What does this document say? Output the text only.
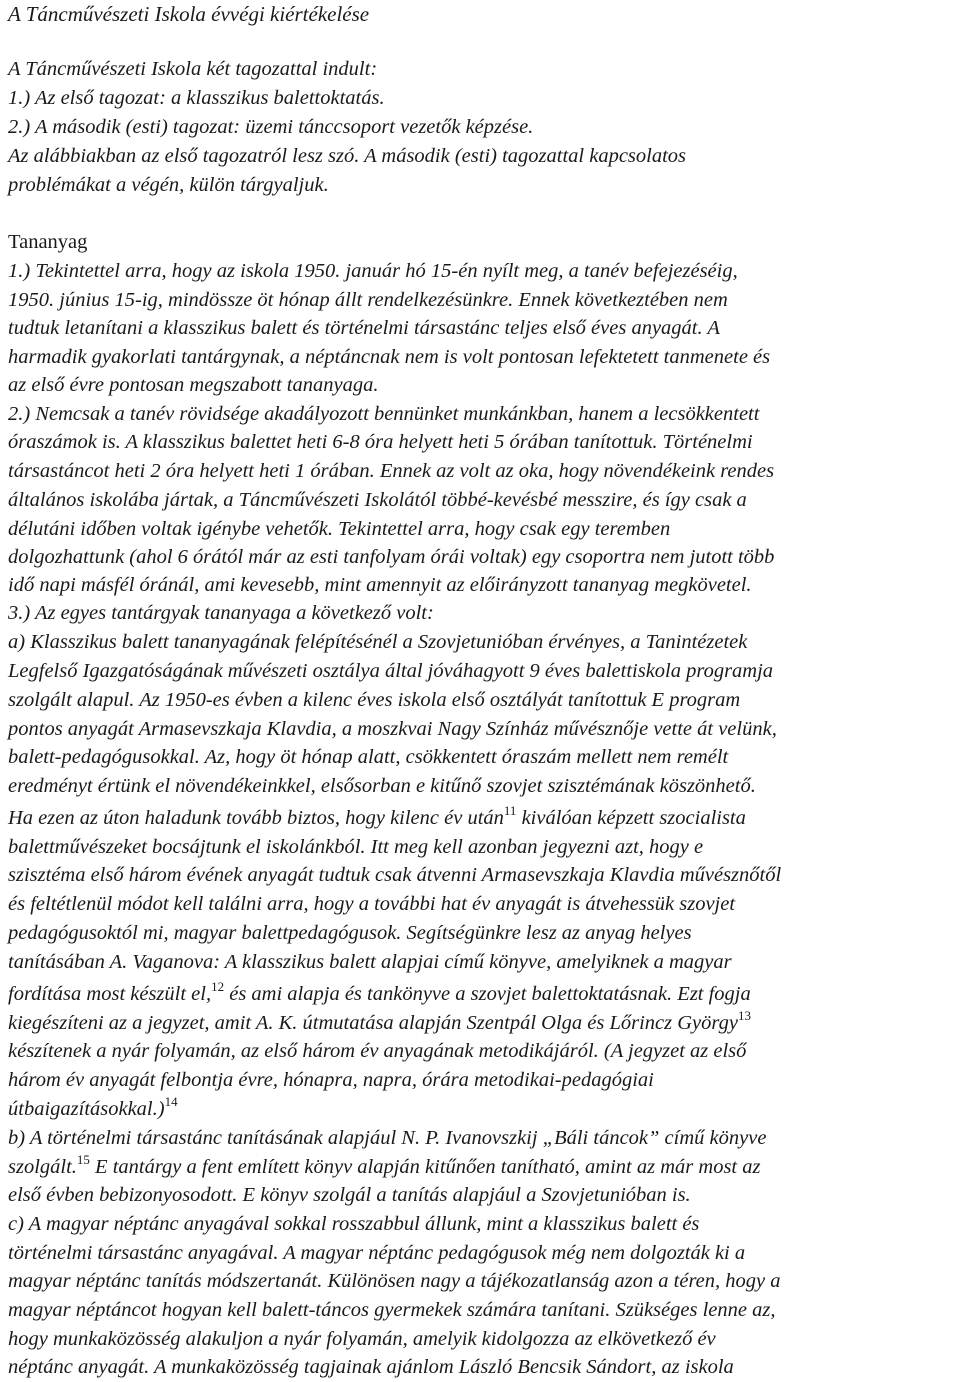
A Táncművészeti Iskola évvégi kiértékelése
A Táncművészeti Iskola két tagozattal indult:
1.) Az első tagozat: a klasszikus balettoktatás.
2.) A második (esti) tagozat: üzemi tánccsoport vezetők képzése.
Az alábbiakban az első tagozatról lesz szó. A második (esti) tagozattal kapcsolatos
problémákat a végén, külön tárgyaljuk.
Tananyag
1.) Tekintettel arra, hogy az iskola 1950. január hó 15-én nyílt meg, a tanév befejezéséig,
1950. június 15-ig, mindössze öt hónap állt rendelkezésünkre. Ennek következtében nem
tudtuk letanítani a klasszikus balett és történelmi társastánc teljes első éves anyagát. A
harmadik gyakorlati tantárgynak, a néptáncnak nem is volt pontosan lefektetett tanmenete és
az első évre pontosan megszabott tananyaga.
2.) Nemcsak a tanév rövidsége akadályozott bennünket munkánkban, hanem a lecsökkentett
óraszámok is. A klasszikus balettet heti 6-8 óra helyett heti 5 órában tanítottuk. Történelmi
társastáncot heti 2 óra helyett heti 1 órában. Ennek az volt az oka, hogy növendékeink rendes
általános iskolába jártak, a Táncművészeti Iskolától többé-kevésbé messzire, és így csak a
délutáni időben voltak igénybe vehetők. Tekintettel arra, hogy csak egy teremben
dolgozhattunk (ahol 6 órától már az esti tanfolyam órái voltak) egy csoportra nem jutott több
idő napi másfél óránál, ami kevesebb, mint amennyit az előirányzott tananyag megkövetel.
3.) Az egyes tantárgyak tananyaga a következő volt:
a) Klasszikus balett tananyagának felépítésénél a Szovjetunióban érvényes, a Tanintézetek
Legfelső Igazgatóságának művészeti osztálya által jóváhagyott 9 éves balettiskola programja
szolgált alapul. Az 1950-es évben a kilenc éves iskola első osztályát tanítottuk E program
pontos anyagát Armasevszkaja Klavdia, a moszkvai Nagy Színház művésznője vette át velünk,
balett-pedagógusokkal. Az, hogy öt hónap alatt, csökkentett óraszám mellett nem remélt
eredményt értünk el növendékeinkkel, elsősorban e kitűnő szovjet szisztémának köszönhető.
Ha ezen az úton haladunk tovább biztos, hogy kilenc év után$^{11}$ kiválóan képzett szocialista
balettművészeket bocsájtunk el iskolánkból. Itt meg kell azonban jegyezni azt, hogy e
szisztéma első három évének anyagát tudtuk csak átvenni Armasevszkaja Klavdia művésznőtől
és feltétlenül módot kell találni arra, hogy a további hat év anyagát is átvehessük szovjet
pedagógusoktól mi, magyar balettpedagógusok. Segítségünkre lesz az anyag helyes
tanításában A. Vaganova: A klasszikus balett alapjai című könyve, amelyiknek a magyar
fordítása most készült el,$^{12}$ és ami alapja és tankönyve a szovjet balettoktatásnak. Ezt fogja
kiegészíteni az a jegyzet, amit A. K. útmutatása alapján Szentpál Olga és Lőrincz György$^{13}$
készítenek a nyár folyamán, az első három év anyagának metodikájáról. (A jegyzet az első
három év anyagát felbontja évre, hónapra, napra, órára metodikai-pedagógiai
útbaigazításokkal.)$^{14}$
b) A történelmi társastánc tanításának alapjául N. P. Ivanovszkij „Báli táncok” című könyve
szolgált.$^{15}$ E tantárgy a fent említett könyv alapján kitűnően tanítható, amint az már most az
első évben bebizonyosodott. E könyv szolgál a tanítás alapjául a Szovjetunióban is.
c) A magyar néptánc anyagával sokkal rosszabbul állunk, mint a klasszikus balett és
történelmi társastánc anyagával. A magyar néptánc pedagógusok még nem dolgozták ki a
magyar néptánc tanítás módszertanát. Különösen nagy a tájékozatlanság azon a téren, hogy a
magyar néptáncot hogyan kell balett-táncos gyermekek számára tanítani. Szükséges lenne az,
hogy munkaközösség alakuljon a nyár folyamán, amelyik kidolgozza az elkövetkező év
néptánc anyagát. A munkaközösség tagjainak ajánlom László Bencsik Sándort, az iskola
